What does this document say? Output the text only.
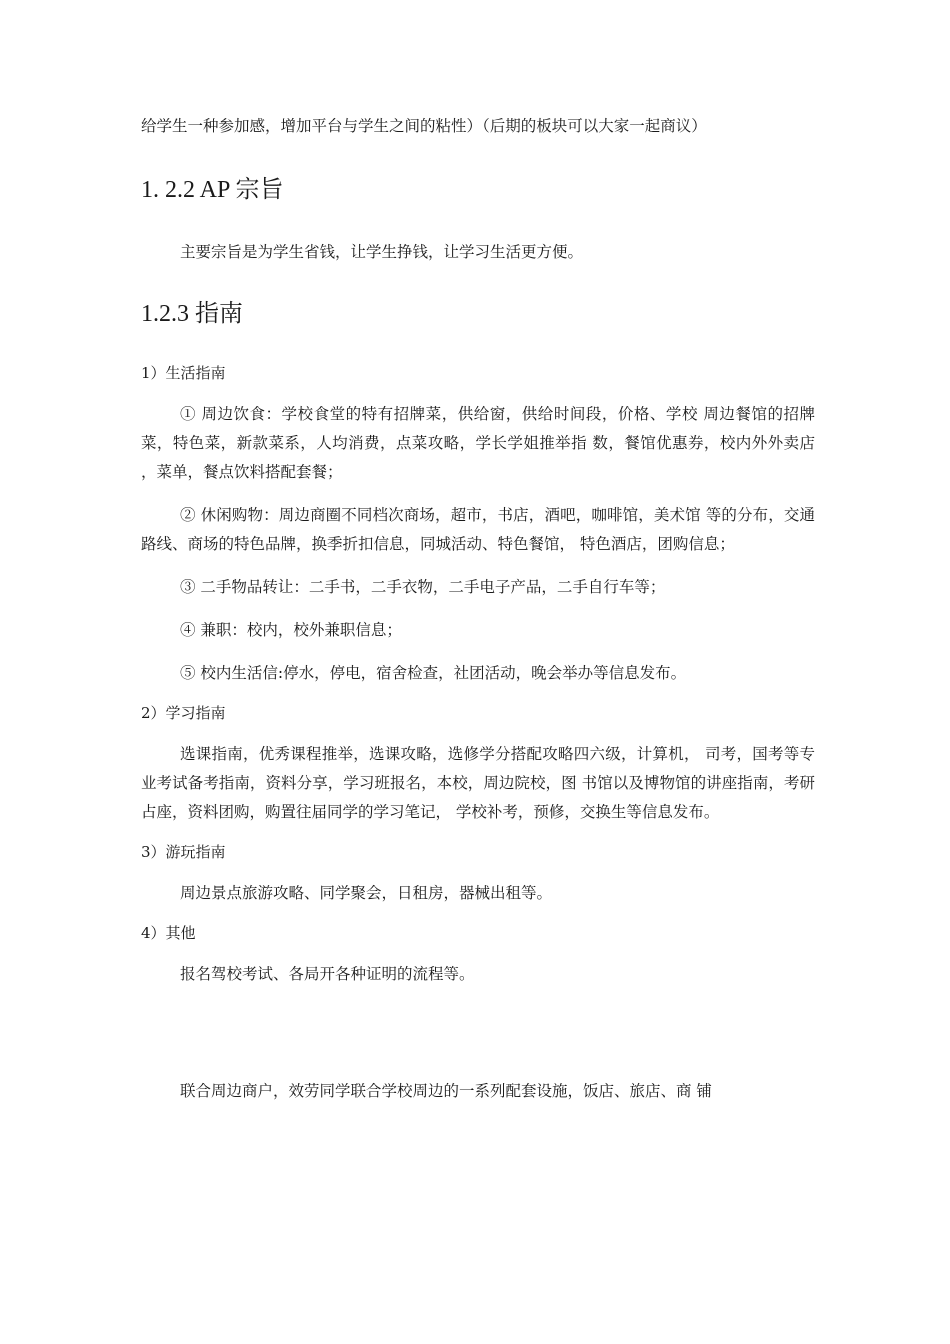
给学生一种参加感，增加平台与学生之间的粘性）（后期的板块可以大家一起商议）

1. 2.2 AP 宗旨

主要宗旨是为学生省钱，让学生挣钱，让学习生活更方便。

1.2.3 指南

1）生活指南

① 周边饮食：学校食堂的特有招牌菜，供给窗，供给时间段，价格、学校 周边餐馆的招牌菜，特色菜，新款菜系，人均消费，点菜攻略，学长学姐推举指 数，餐馆优惠券，校内外外卖店 ，菜单，餐点饮料搭配套餐；

② 休闲购物：周边商圈不同档次商场，超市，书店，酒吧，咖啡馆，美术馆 等的分布，交通路线、商场的特色品牌，换季折扣信息，同城活动、特色餐馆， 特色酒店，团购信息；

③ 二手物品转让：二手书，二手衣物，二手电子产品，二手自行车等；

④ 兼职：校内，校外兼职信息；

⑤ 校内生活信:停水，停电，宿舍检查，社团活动，晚会举办等信息发布。

2）学习指南

选课指南，优秀课程推举，选课攻略，选修学分搭配攻略四六级，计算机， 司考，国考等专业考试备考指南，资料分享，学习班报名，本校，周边院校，图 书馆以及博物馆的讲座指南，考研占座，资料团购，购置往届同学的学习笔记， 学校补考，预修，交换生等信息发布。

3）游玩指南

周边景点旅游攻略、同学聚会，日租房，器械出租等。

4）其他

报名驾校考试、各局开各种证明的流程等。

联合周边商户，效劳同学联合学校周边的一系列配套设施，饭店、旅店、商 铺
